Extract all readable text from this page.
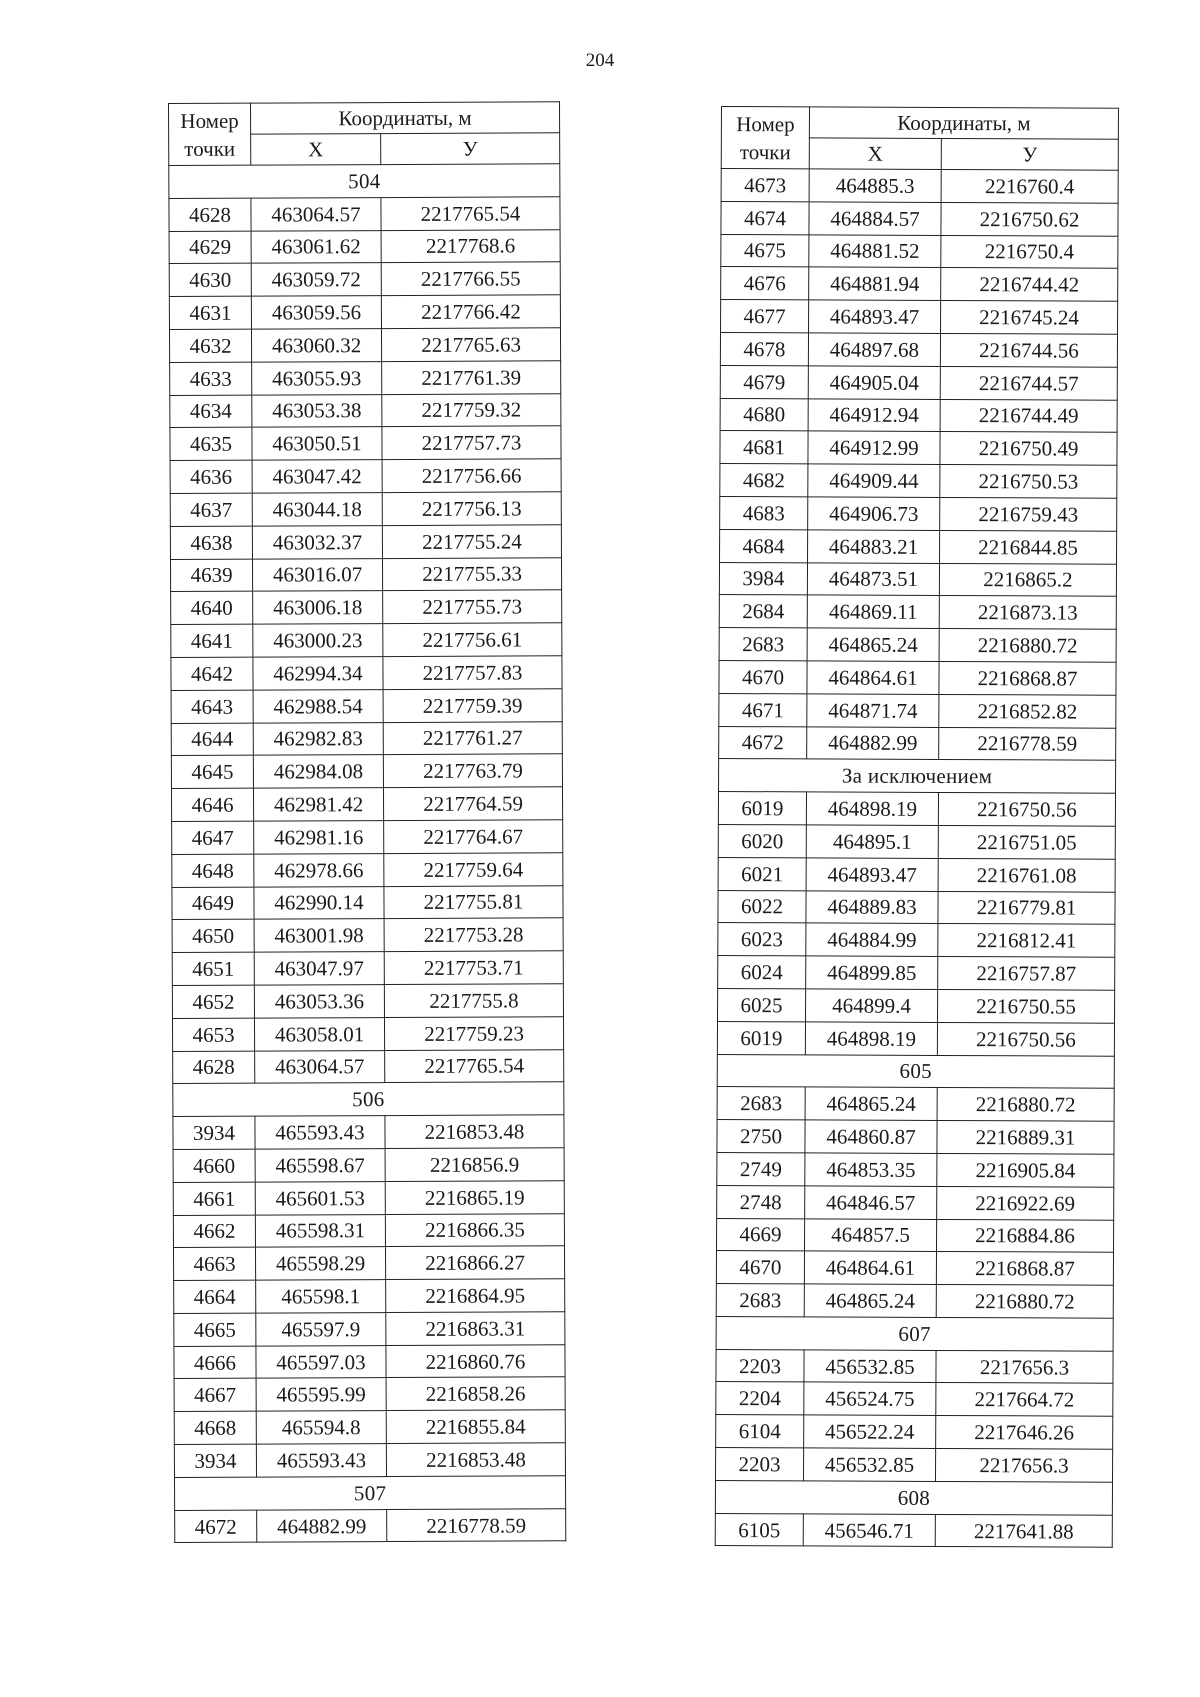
204
Номер
точки	Координаты, м	
	X	У
504		
4628	463064.57	2217765.54
4629	463061.62	2217768.6
4630	463059.72	2217766.55
4631	463059.56	2217766.42
4632	463060.32	2217765.63
4633	463055.93	2217761.39
4634	463053.38	2217759.32
4635	463050.51	2217757.73
4636	463047.42	2217756.66
4637	463044.18	2217756.13
4638	463032.37	2217755.24
4639	463016.07	2217755.33
4640	463006.18	2217755.73
4641	463000.23	2217756.61
4642	462994.34	2217757.83
4643	462988.54	2217759.39
4644	462982.83	2217761.27
4645	462984.08	2217763.79
4646	462981.42	2217764.59
4647	462981.16	2217764.67
4648	462978.66	2217759.64
4649	462990.14	2217755.81
4650	463001.98	2217753.28
4651	463047.97	2217753.71
4652	463053.36	2217755.8
4653	463058.01	2217759.23
4628	463064.57	2217765.54
506		
3934	465593.43	2216853.48
4660	465598.67	2216856.9
4661	465601.53	2216865.19
4662	465598.31	2216866.35
4663	465598.29	2216866.27
4664	465598.1	2216864.95
4665	465597.9	2216863.31
4666	465597.03	2216860.76
4667	465595.99	2216858.26
4668	465594.8	2216855.84
3934	465593.43	2216853.48
507		
4672	464882.99	2216778.59
Номер
точки	Координаты, м	
	X	У
4673	464885.3	2216760.4
4674	464884.57	2216750.62
4675	464881.52	2216750.4
4676	464881.94	2216744.42
4677	464893.47	2216745.24
4678	464897.68	2216744.56
4679	464905.04	2216744.57
4680	464912.94	2216744.49
4681	464912.99	2216750.49
4682	464909.44	2216750.53
4683	464906.73	2216759.43
4684	464883.21	2216844.85
3984	464873.51	2216865.2
2684	464869.11	2216873.13
2683	464865.24	2216880.72
4670	464864.61	2216868.87
4671	464871.74	2216852.82
4672	464882.99	2216778.59
За исключением		
6019	464898.19	2216750.56
6020	464895.1	2216751.05
6021	464893.47	2216761.08
6022	464889.83	2216779.81
6023	464884.99	2216812.41
6024	464899.85	2216757.87
6025	464899.4	2216750.55
6019	464898.19	2216750.56
605		
2683	464865.24	2216880.72
2750	464860.87	2216889.31
2749	464853.35	2216905.84
2748	464846.57	2216922.69
4669	464857.5	2216884.86
4670	464864.61	2216868.87
2683	464865.24	2216880.72
607		
2203	456532.85	2217656.3
2204	456524.75	2217664.72
6104	456522.24	2217646.26
2203	456532.85	2217656.3
608		
6105	456546.71	2217641.88
